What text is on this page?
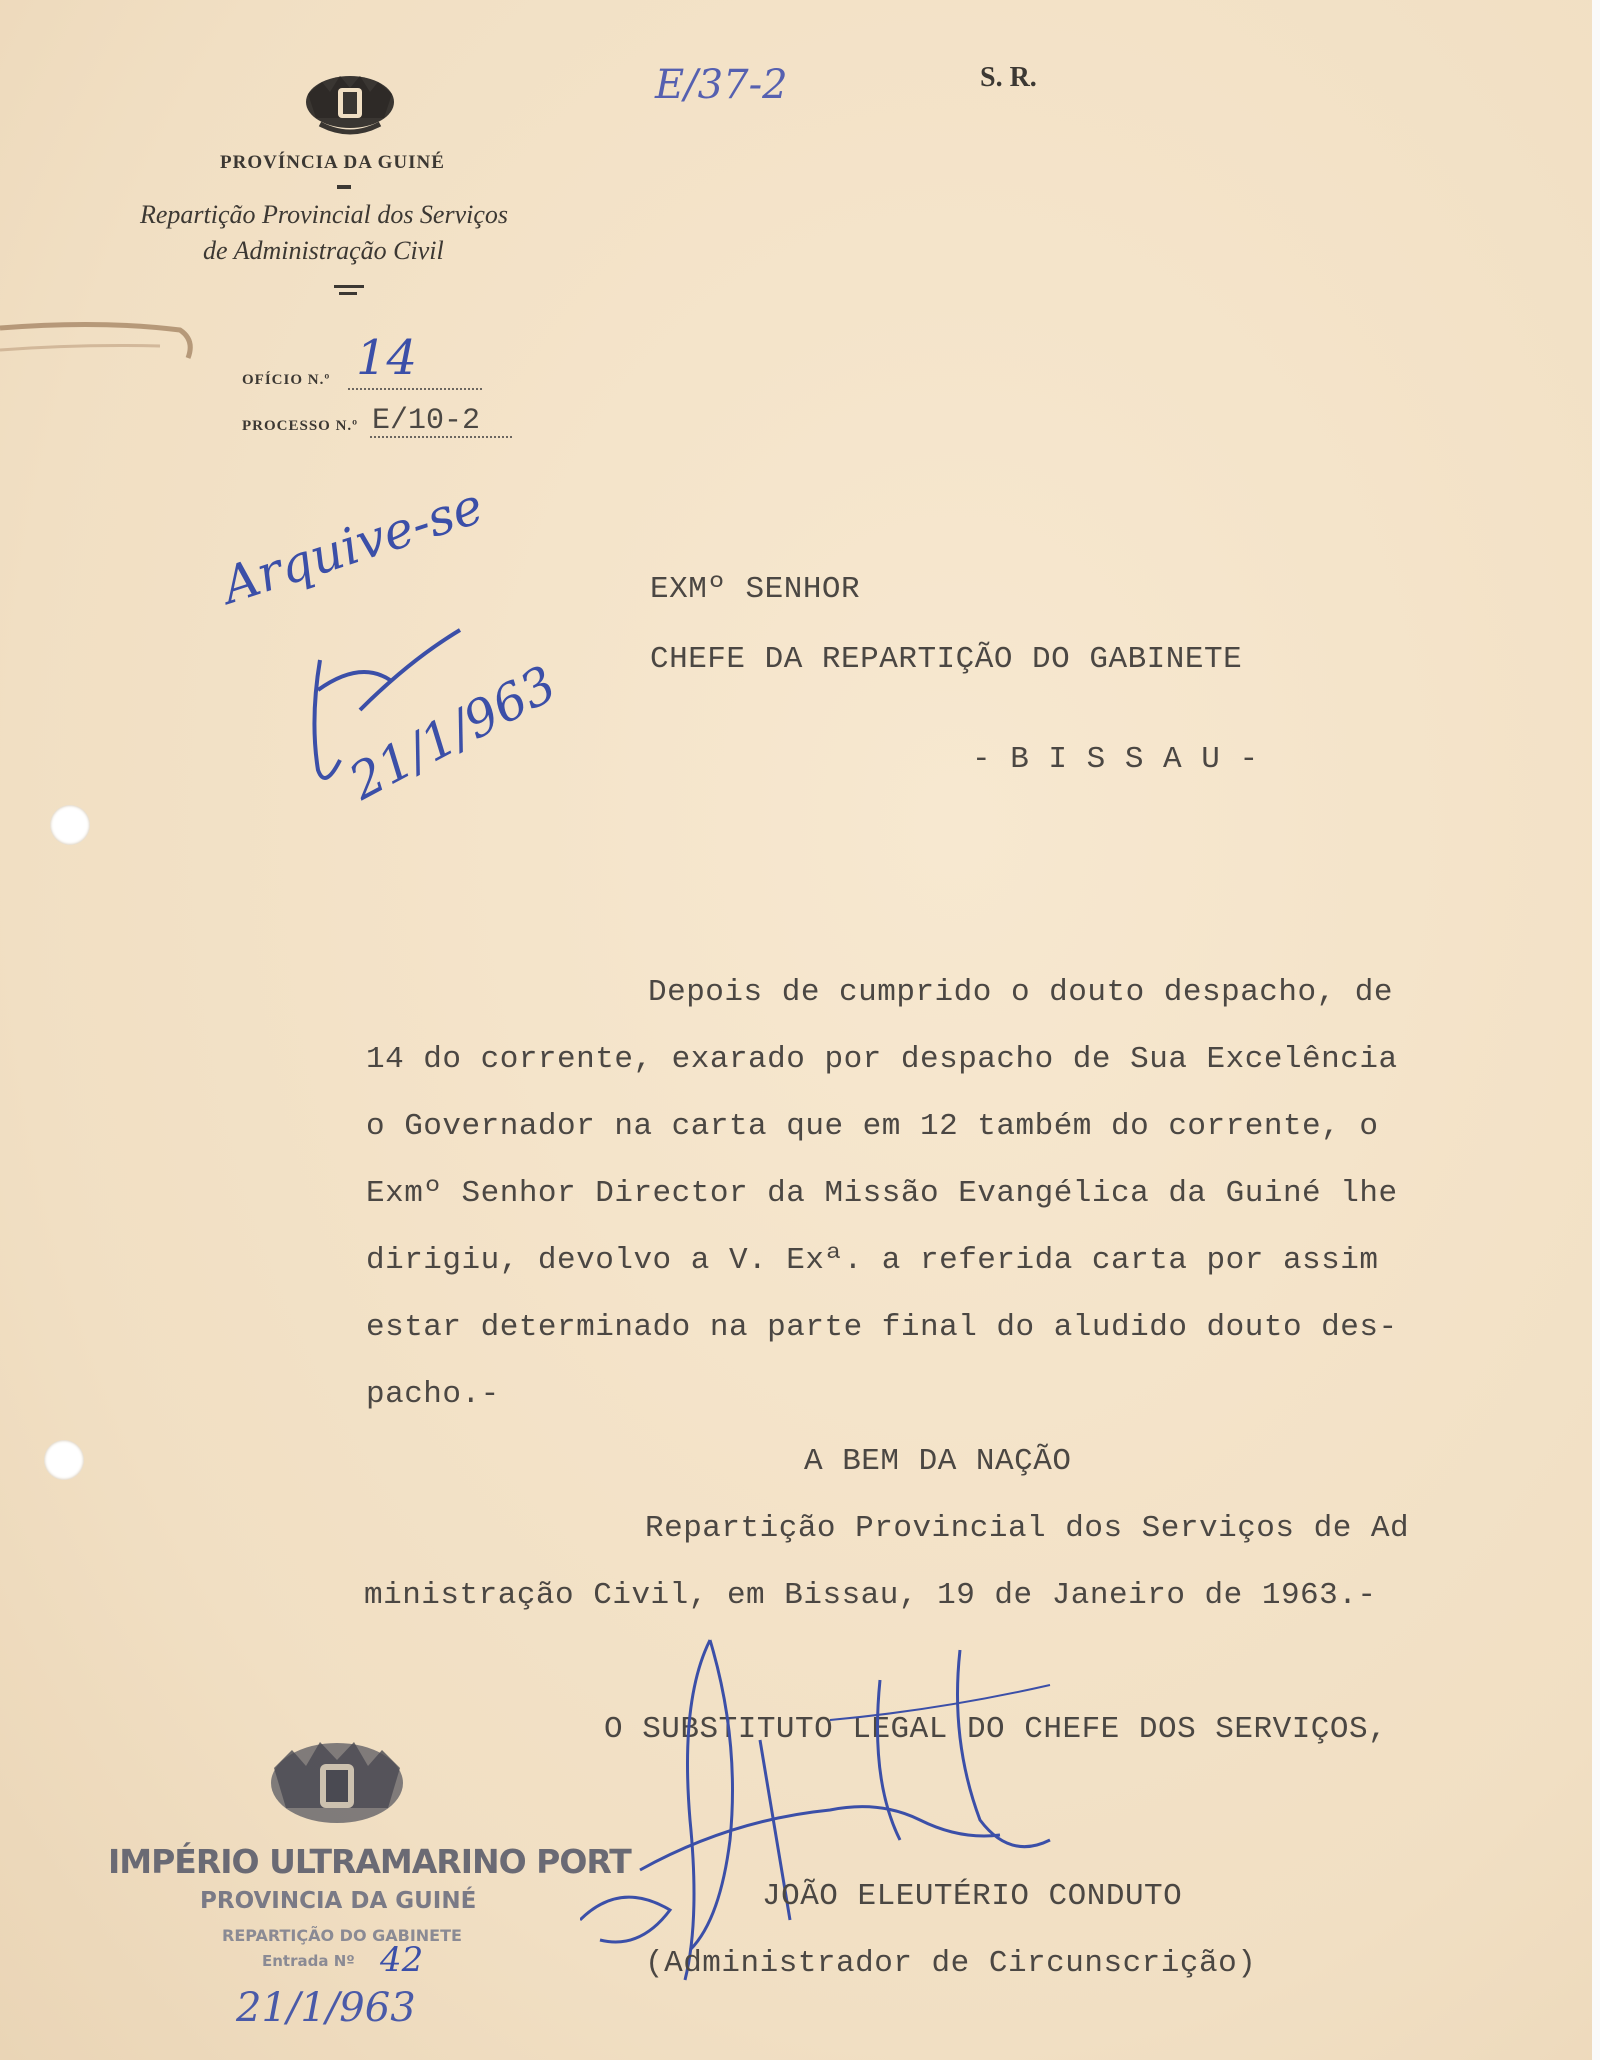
PROVÍNCIA DA GUINÉ
Repartição Provincial dos Serviços
de Administração Civil
OFÍCIO N.º 14
PROCESSO N.º E/10-2
E/37-2	S. R.
Arquive-se
21/1/963
EXMº SENHOR
CHEFE DA REPARTIÇÃO DO GABINETE
- B I S S A U -
Depois de cumprido o douto despacho, de
14 do corrente, exarado por despacho de Sua Excelência
o Governador na carta que em 12 também do corrente, o
Exmº Senhor Director da Missão Evangélica da Guiné lhe
dirigiu, devolvo a V. Exª. a referida carta por assim
estar determinado na parte final do aludido douto des-
pacho.-
A BEM DA NAÇÃO
Repartição Provincial dos Serviços de Ad
ministração Civil, em Bissau, 19 de Janeiro de 1963.-
O SUBSTITUTO LEGAL DO CHEFE DOS SERVIÇOS,
JOÃO ELEUTÉRIO CONDUTO
(Administrador de Circunscrição)
IMPÉRIO ULTRAMARINO PORT
PROVINCIA DA GUINÉ
REPARTIÇÃO DO GABINETE
Entrada Nº 42
21/1/963
